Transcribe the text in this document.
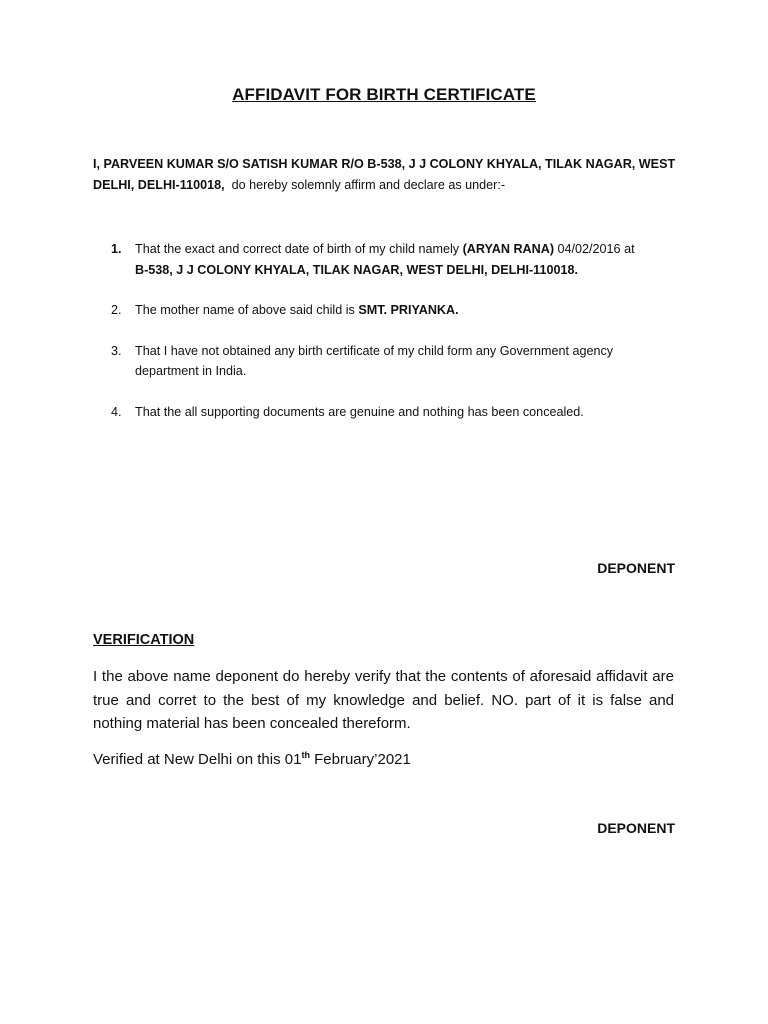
AFFIDAVIT FOR BIRTH CERTIFICATE
I, PARVEEN KUMAR S/O SATISH KUMAR R/O B-538, J J COLONY KHYALA, TILAK NAGAR, WEST DELHI, DELHI-110018, do hereby solemnly affirm and declare as under:-
1. That the exact and correct date of birth of my child namely (ARYAN RANA) 04/02/2016 at  B-538, J J COLONY KHYALA, TILAK NAGAR, WEST DELHI, DELHI-110018.
2. The mother name of above said child is SMT. PRIYANKA.
3. That I have not obtained any birth certificate of my child form any Government agency department in India.
4. That the all supporting documents are genuine and nothing has been concealed.
DEPONENT
VERIFICATION
I the above name deponent do hereby verify that the contents of aforesaid affidavit are true and corret to the best of my knowledge and belief. NO. part of it is false and nothing material has been concealed thereform.
Verified at New Delhi on this 01th February’2021
DEPONENT
